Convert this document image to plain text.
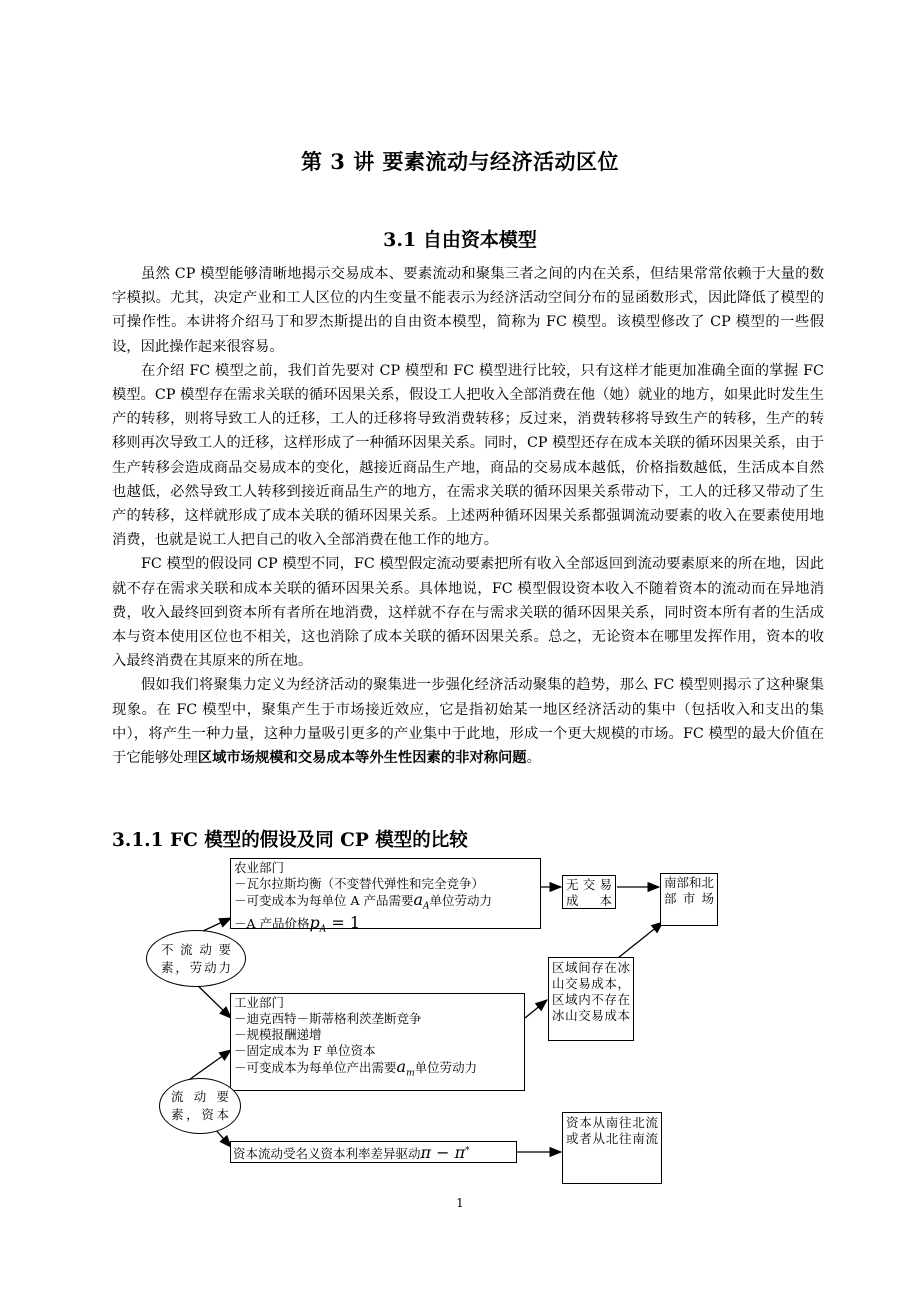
第 3 讲 要素流动与经济活动区位
3.1 自由资本模型

虽然 CP 模型能够清晰地揭示交易成本、要素流动和聚集三者之间的内在关系，但结果常常依赖于大量的数字模拟。尤其，决定产业和工人区位的内生变量不能表示为经济活动空间分布的显函数形式，因此降低了模型的可操作性。本讲将介绍马丁和罗杰斯提出的自由资本模型，简称为 FC 模型。该模型修改了 CP 模型的一些假设，因此操作起来很容易。

在介绍 FC 模型之前，我们首先要对 CP 模型和 FC 模型进行比较，只有这样才能更加准确全面的掌握 FC 模型。CP 模型存在需求关联的循环因果关系，假设工人把收入全部消费在他（她）就业的地方，如果此时发生生产的转移，则将导致工人的迁移，工人的迁移将导致消费转移；反过来，消费转移将导致生产的转移，生产的转移则再次导致工人的迁移，这样形成了一种循环因果关系。同时，CP 模型还存在成本关联的循环因果关系，由于生产转移会造成商品交易成本的变化，越接近商品生产地，商品的交易成本越低，价格指数越低，生活成本自然也越低，必然导致工人转移到接近商品生产的地方，在需求关联的循环因果关系带动下，工人的迁移又带动了生产的转移，这样就形成了成本关联的循环因果关系。上述两种循环因果关系都强调流动要素的收入在要素使用地消费，也就是说工人把自己的收入全部消费在他工作的地方。

FC 模型的假设同 CP 模型不同，FC 模型假定流动要素把所有收入全部返回到流动要素原来的所在地，因此就不存在需求关联和成本关联的循环因果关系。具体地说，FC 模型假设资本收入不随着资本的流动而在异地消费，收入最终回到资本所有者所在地消费，这样就不存在与需求关联的循环因果关系，同时资本所有者的生活成本与资本使用区位也不相关，这也消除了成本关联的循环因果关系。总之，无论资本在哪里发挥作用，资本的收入最终消费在其原来的所在地。

假如我们将聚集力定义为经济活动的聚集进一步强化经济活动聚集的趋势，那么 FC 模型则揭示了这种聚集现象。在 FC 模型中，聚集产生于市场接近效应，它是指初始某一地区经济活动的集中（包括收入和支出的集中），将产生一种力量，这种力量吸引更多的产业集中于此地，形成一个更大规模的市场。FC 模型的最大价值在于它能够处理区域市场规模和交易成本等外生性因素的非对称问题。

3.1.1 FC 模型的假设及同 CP 模型的比较
农业部门
－瓦尔拉斯均衡（不变替代弹性和完全竞争）
－可变成本为每单位 A 产品需要$a_A$单位劳动力
－A 产品价格$p_A = 1$
无交易成本
南部和北部市场
不流动要素，劳动力	区域间存在冰山交易成本，区域内不存在冰山交易成本
工业部门
－迪克西特－斯蒂格利茨垄断竞争
－规模报酬递增
－固定成本为 F 单位资本
－可变成本为每单位产出需要$a_m$单位劳动力
流动要素，资本
资本流动受名义资本利率差异驱动π − π*
资本从南往北流或者从北往南流
1
